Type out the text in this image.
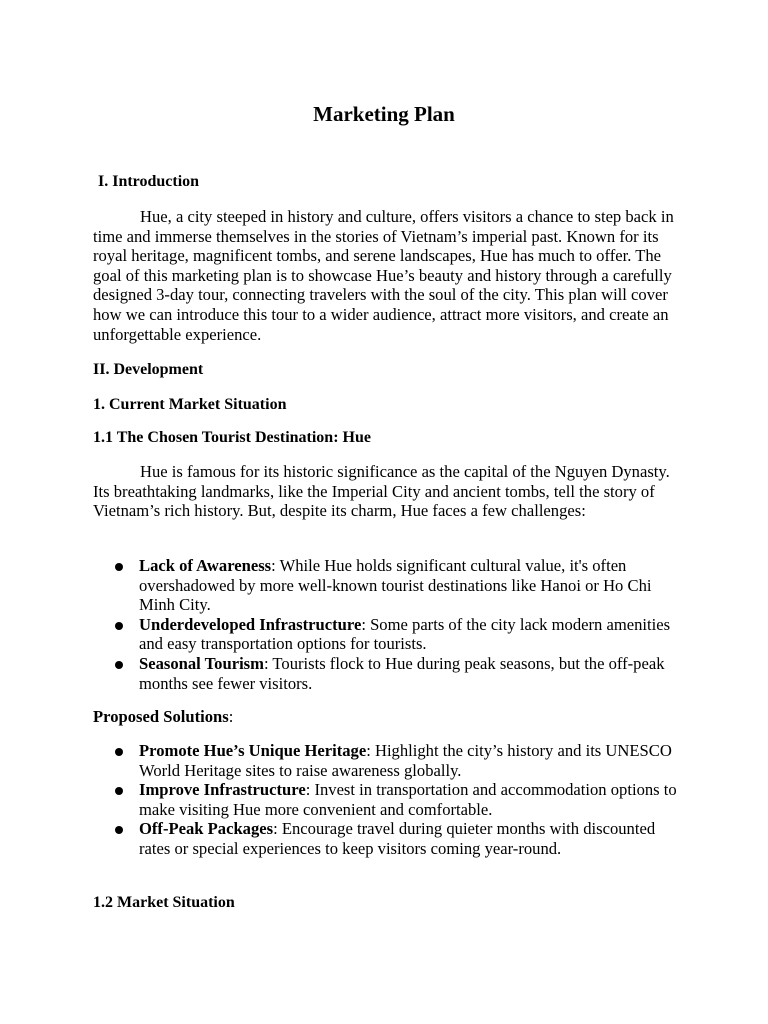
Marketing Plan

I. Introduction

Hue, a city steeped in history and culture, offers visitors a chance to step back in time and immerse themselves in the stories of Vietnam’s imperial past. Known for its royal heritage, magnificent tombs, and serene landscapes, Hue has much to offer. The goal of this marketing plan is to showcase Hue’s beauty and history through a carefully designed 3-day tour, connecting travelers with the soul of the city. This plan will cover how we can introduce this tour to a wider audience, attract more visitors, and create an unforgettable experience.

II. Development

1. Current Market Situation

1.1 The Chosen Tourist Destination: Hue

Hue is famous for its historic significance as the capital of the Nguyen Dynasty. Its breathtaking landmarks, like the Imperial City and ancient tombs, tell the story of Vietnam’s rich history. But, despite its charm, Hue faces a few challenges:

Lack of Awareness: While Hue holds significant cultural value, it's often overshadowed by more well-known tourist destinations like Hanoi or Ho Chi Minh City.
Underdeveloped Infrastructure: Some parts of the city lack modern amenities and easy transportation options for tourists.
Seasonal Tourism: Tourists flock to Hue during peak seasons, but the off-peak months see fewer visitors.

Proposed Solutions:

Promote Hue’s Unique Heritage: Highlight the city’s history and its UNESCO World Heritage sites to raise awareness globally.
Improve Infrastructure: Invest in transportation and accommodation options to make visiting Hue more convenient and comfortable.
Off-Peak Packages: Encourage travel during quieter months with discounted rates or special experiences to keep visitors coming year-round.

1.2 Market Situation
